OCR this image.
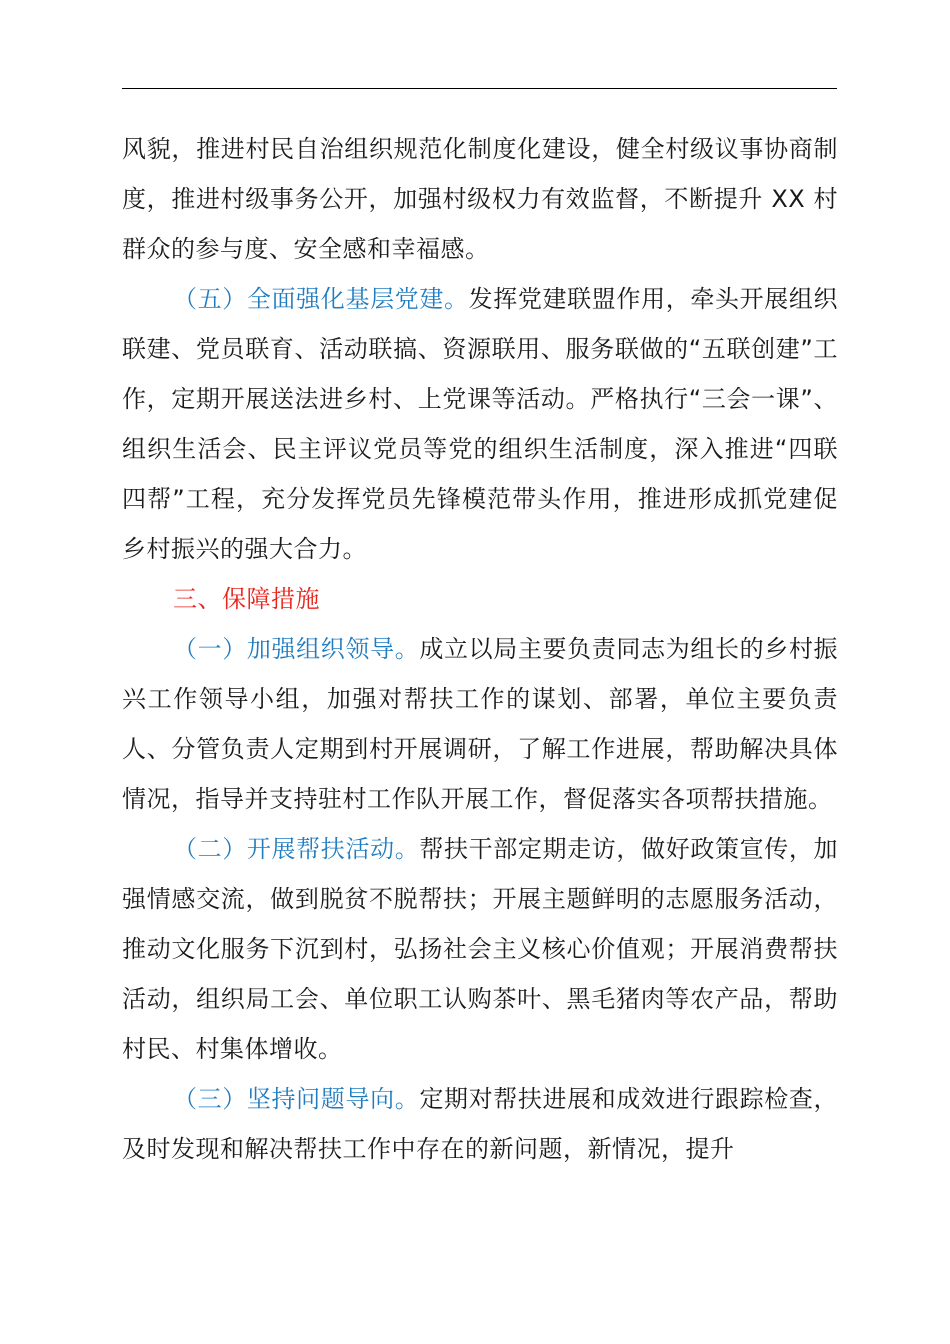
风貌，推进村民自治组织规范化制度化建设，健全村级议事协商制度，推进村级事务公开，加强村级权力有效监督，不断提升 XX 村群众的参与度、安全感和幸福感。

（五）全面强化基层党建。发挥党建联盟作用，牵头开展组织联建、党员联育、活动联搞、资源联用、服务联做的“五联创建”工作，定期开展送法进乡村、上党课等活动。严格执行“三会一课”、组织生活会、民主评议党员等党的组织生活制度，深入推进“四联四帮”工程，充分发挥党员先锋模范带头作用，推进形成抓党建促乡村振兴的强大合力。

三、保障措施

（一）加强组织领导。成立以局主要负责同志为组长的乡村振兴工作领导小组，加强对帮扶工作的谋划、部署，单位主要负责人、分管负责人定期到村开展调研，了解工作进展，帮助解决具体情况，指导并支持驻村工作队开展工作，督促落实各项帮扶措施。

（二）开展帮扶活动。帮扶干部定期走访，做好政策宣传，加强情感交流，做到脱贫不脱帮扶；开展主题鲜明的志愿服务活动，推动文化服务下沉到村，弘扬社会主义核心价值观；开展消费帮扶活动，组织局工会、单位职工认购茶叶、黑毛猪肉等农产品，帮助村民、村集体增收。

（三）坚持问题导向。定期对帮扶进展和成效进行跟踪检查，及时发现和解决帮扶工作中存在的新问题，新情况，提升
